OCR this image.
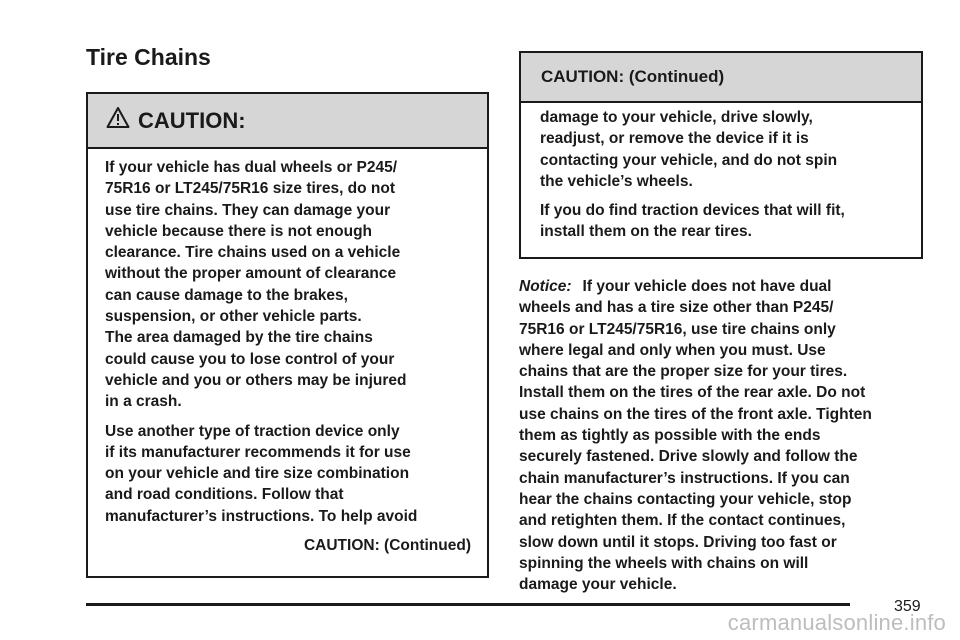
Tire Chains
CAUTION:

If your vehicle has dual wheels or P245/
75R16 or LT245/75R16 size tires, do not
use tire chains. They can damage your
vehicle because there is not enough
clearance. Tire chains used on a vehicle
without the proper amount of clearance
can cause damage to the brakes,
suspension, or other vehicle parts.
The area damaged by the tire chains
could cause you to lose control of your
vehicle and you or others may be injured
in a crash.

Use another type of traction device only
if its manufacturer recommends it for use
on your vehicle and tire size combination
and road conditions. Follow that
manufacturer’s instructions. To help avoid

CAUTION: (Continued)
CAUTION: (Continued)

damage to your vehicle, drive slowly,
readjust, or remove the device if it is
contacting your vehicle, and do not spin
the vehicle’s wheels.

If you do find traction devices that will fit,
install them on the rear tires.

Notice: If your vehicle does not have dual
wheels and has a tire size other than P245/
75R16 or LT245/75R16, use tire chains only
where legal and only when you must. Use
chains that are the proper size for your tires.
Install them on the tires of the rear axle. Do not
use chains on the tires of the front axle. Tighten
them as tightly as possible with the ends
securely fastened. Drive slowly and follow the
chain manufacturer’s instructions. If you can
hear the chains contacting your vehicle, stop
and retighten them. If the contact continues,
slow down until it stops. Driving too fast or
spinning the wheels with chains on will
damage your vehicle.

359
carmanualsonline.info
